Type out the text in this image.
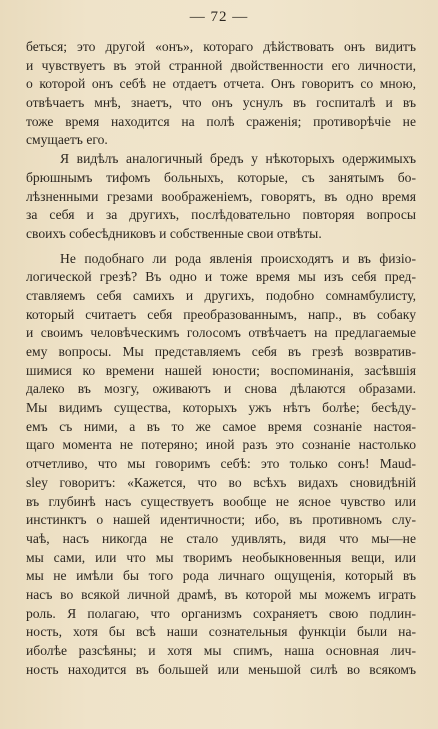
— 72 —
беться; это другой «онъ», котораго дѣйствовать онъ видитъ
и чувствуетъ въ этой странной двойственности его личности,
о которой онъ себѣ не отдаетъ отчета. Онъ говоритъ со мною,
отвѣчаетъ мнѣ, знаетъ, что онъ уснулъ въ госпиталѣ и въ
тоже время находится на полѣ сраженія; противорѣчіе не
смущаетъ его.
Я видѣлъ аналогичный бредъ у нѣкоторыхъ одержимыхъ
брюшнымъ тифомъ больныхъ, которые, съ занятымъ бо-
лѣзненными грезами воображеніемъ, говорятъ, въ одно время
за себя и за другихъ, послѣдовательно повторяя вопросы
своихъ собесѣдниковъ и собственные свои отвѣты.
Не подобнаго ли рода явленія происходятъ и въ физіо-
логической грезѣ? Въ одно и тоже время мы изъ себя пред-
ставляемъ себя самихъ и другихъ, подобно сомнамбулисту,
который считаетъ себя преобразованнымъ, напр., въ собаку
и своимъ человѣческимъ голосомъ отвѣчаетъ на предлагаемые
ему вопросы. Мы представляемъ себя въ грезѣ возвратив-
шимися ко времени нашей юности; воспоминанія, засѣвшія
далеко въ мозгу, оживаютъ и снова дѣлаются образами.
Мы видимъ существа, которыхъ ужъ нѣтъ болѣе; бесѣду-
емъ съ ними, а въ то же самое время сознаніе настоя-
щаго момента не потеряно; иной разъ это сознаніе настолько
отчетливо, что мы говоримъ себѣ: это только сонъ! Maud-
sley говоритъ: «Кажется, что во всѣхъ видахъ сновидѣній
въ глубинѣ насъ существуетъ вообще не ясное чувство или
инстинктъ о нашей идентичности; ибо, въ противномъ слу-
чаѣ, насъ никогда не стало удивлять, видя что мы—не
мы сами, или что мы творимъ необыкновенныя вещи, или
мы не имѣли бы того рода личнаго ощущенія, который въ
насъ во всякой личной драмѣ, въ которой мы можемъ играть
роль. Я полагаю, что организмъ сохраняетъ свою подлин-
ность, хотя бы всѣ наши сознательныя функціи были на-
иболѣе разсѣяны; и хотя мы спимъ, наша основная лич-
ность находится въ большей или меньшой силѣ во всякомъ
